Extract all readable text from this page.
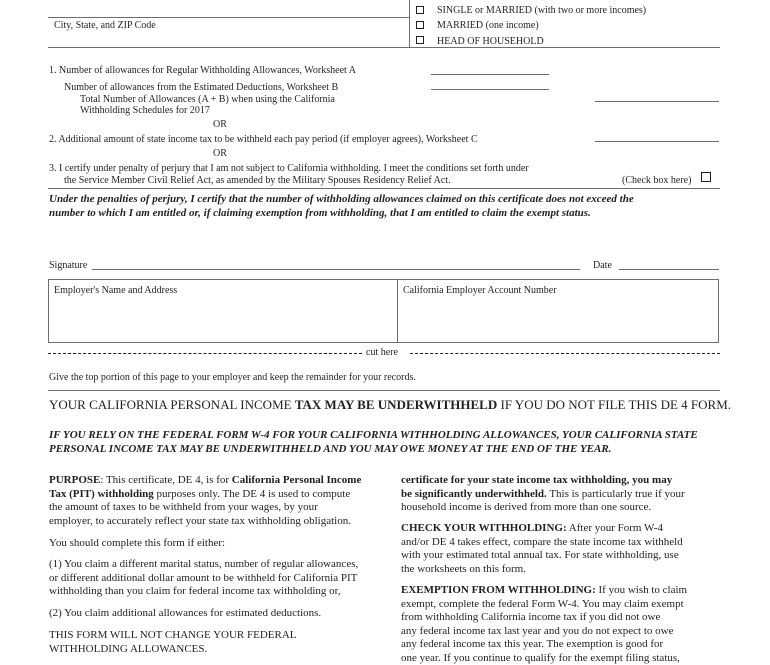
City, State, and ZIP Code
SINGLE or MARRIED (with two or more incomes)
MARRIED (one income)
HEAD OF HOUSEHOLD
1. Number of allowances for Regular Withholding Allowances, Worksheet A
Number of allowances from the Estimated Deductions, Worksheet B
Total Number of Allowances (A + B) when using the California
Withholding Schedules for 2017
OR
2. Additional amount of state income tax to be withheld each pay period (if employer agrees), Worksheet C
OR
3. I certify under penalty of perjury that I am not subject to California withholding. I meet the conditions set forth under
the Service Member Civil Relief Act, as amended by the Military Spouses Residency Relief Act.	(Check box here)
Under the penalties of perjury, I certify that the number of withholding allowances claimed on this certificate does not exceed the
number to which I am entitled or, if claiming exemption from withholding, that I am entitled to claim the exempt status.
Signature	Date
Employer's Name and Address	California Employer Account Number
cut here
Give the top portion of this page to your employer and keep the remainder for your records.
YOUR CALIFORNIA PERSONAL INCOME TAX MAY BE UNDERWITHHELD IF YOU DO NOT FILE THIS DE 4 FORM.
IF YOU RELY ON THE FEDERAL FORM W-4 FOR YOUR CALIFORNIA WITHHOLDING ALLOWANCES, YOUR CALIFORNIA STATE
PERSONAL INCOME TAX MAY BE UNDERWITHHELD AND YOU MAY OWE MONEY AT THE END OF THE YEAR.
PURPOSE: This certificate, DE 4, is for California Personal Income
Tax (PIT) withholding purposes only. The DE 4 is used to compute
the amount of taxes to be withheld from your wages, by your
employer, to accurately reflect your state tax withholding obligation.
You should complete this form if either:
(1) You claim a different marital status, number of regular allowances,
or different additional dollar amount to be withheld for California PIT
withholding than you claim for federal income tax withholding or,
(2) You claim additional allowances for estimated deductions.
THIS FORM WILL NOT CHANGE YOUR FEDERAL
WITHHOLDING ALLOWANCES.
certificate for your state income tax withholding, you may
be significantly underwithheld. This is particularly true if your
household income is derived from more than one source.
CHECK YOUR WITHHOLDING: After your Form W-4
and/or DE 4 takes effect, compare the state income tax withheld
with your estimated total annual tax. For state withholding, use
the worksheets on this form.
EXEMPTION FROM WITHHOLDING: If you wish to claim
exempt, complete the federal Form W-4. You may claim exempt
from withholding California income tax if you did not owe
any federal income tax last year and you do not expect to owe
any federal income tax this year. The exemption is good for
one year. If you continue to qualify for the exempt filing status,
